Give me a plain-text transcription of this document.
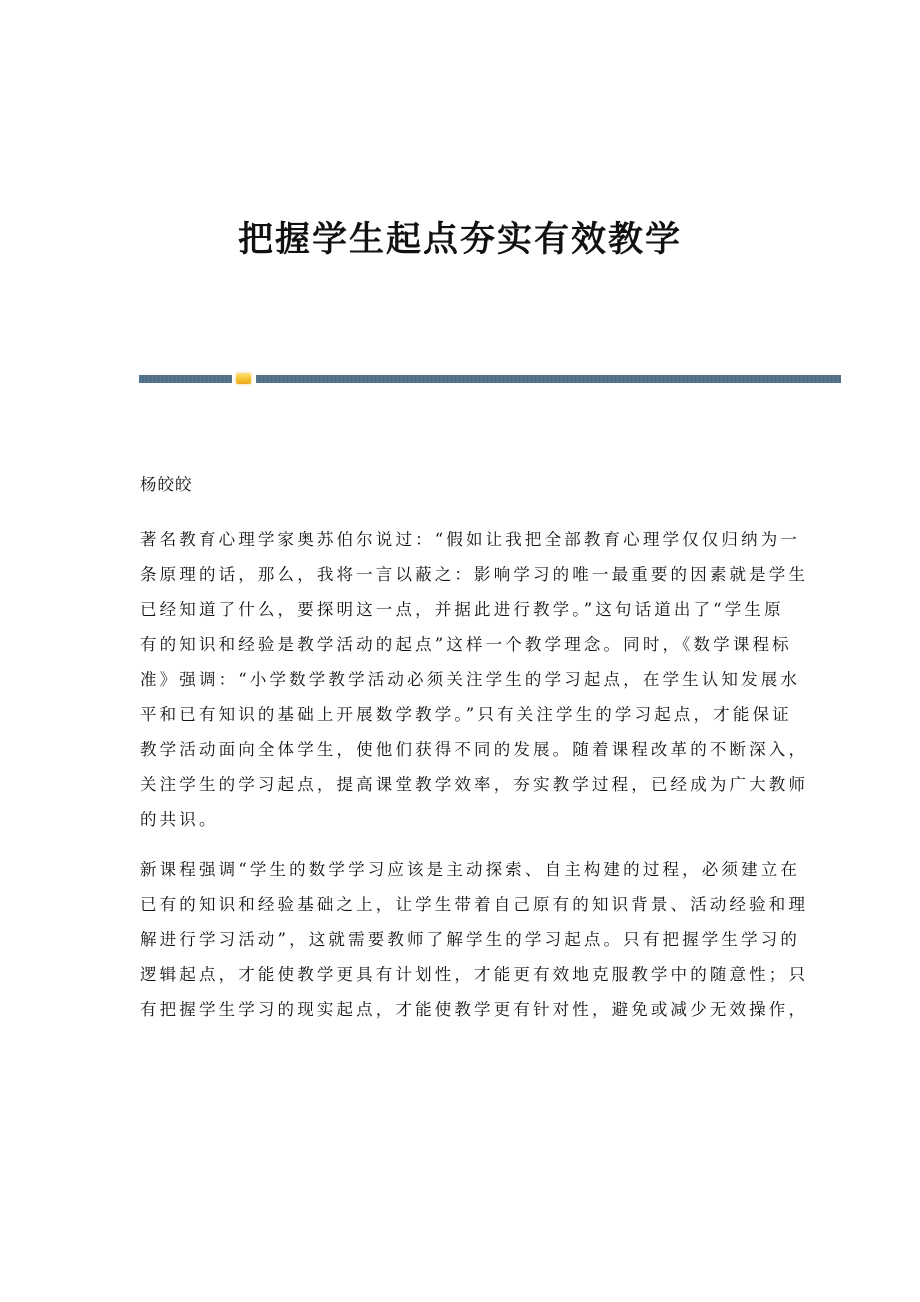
把握学生起点夯实有效教学

杨皎皎

著名教育心理学家奥苏伯尔说过：“假如让我把全部教育心理学仅仅归纳为一
条原理的话，那么，我将一言以蔽之：影响学习的唯一最重要的因素就是学生
已经知道了什么，要探明这一点，并据此进行教学。”这句话道出了“学生原
有的知识和经验是教学活动的起点”这样一个教学理念。同时，《数学课程标
准》强调：“小学数学教学活动必须关注学生的学习起点，在学生认知发展水
平和已有知识的基础上开展数学教学。”只有关注学生的学习起点，才能保证
教学活动面向全体学生，使他们获得不同的发展。随着课程改革的不断深入，
关注学生的学习起点，提高课堂教学效率，夯实教学过程，已经成为广大教师
的共识。
新课程强调“学生的数学学习应该是主动探索、自主构建的过程，必须建立在
已有的知识和经验基础之上，让学生带着自己原有的知识背景、活动经验和理
解进行学习活动”，这就需要教师了解学生的学习起点。只有把握学生学习的
逻辑起点，才能使教学更具有计划性，才能更有效地克服教学中的随意性；只
有把握学生学习的现实起点，才能使教学更有针对性，避免或减少无效操作，
